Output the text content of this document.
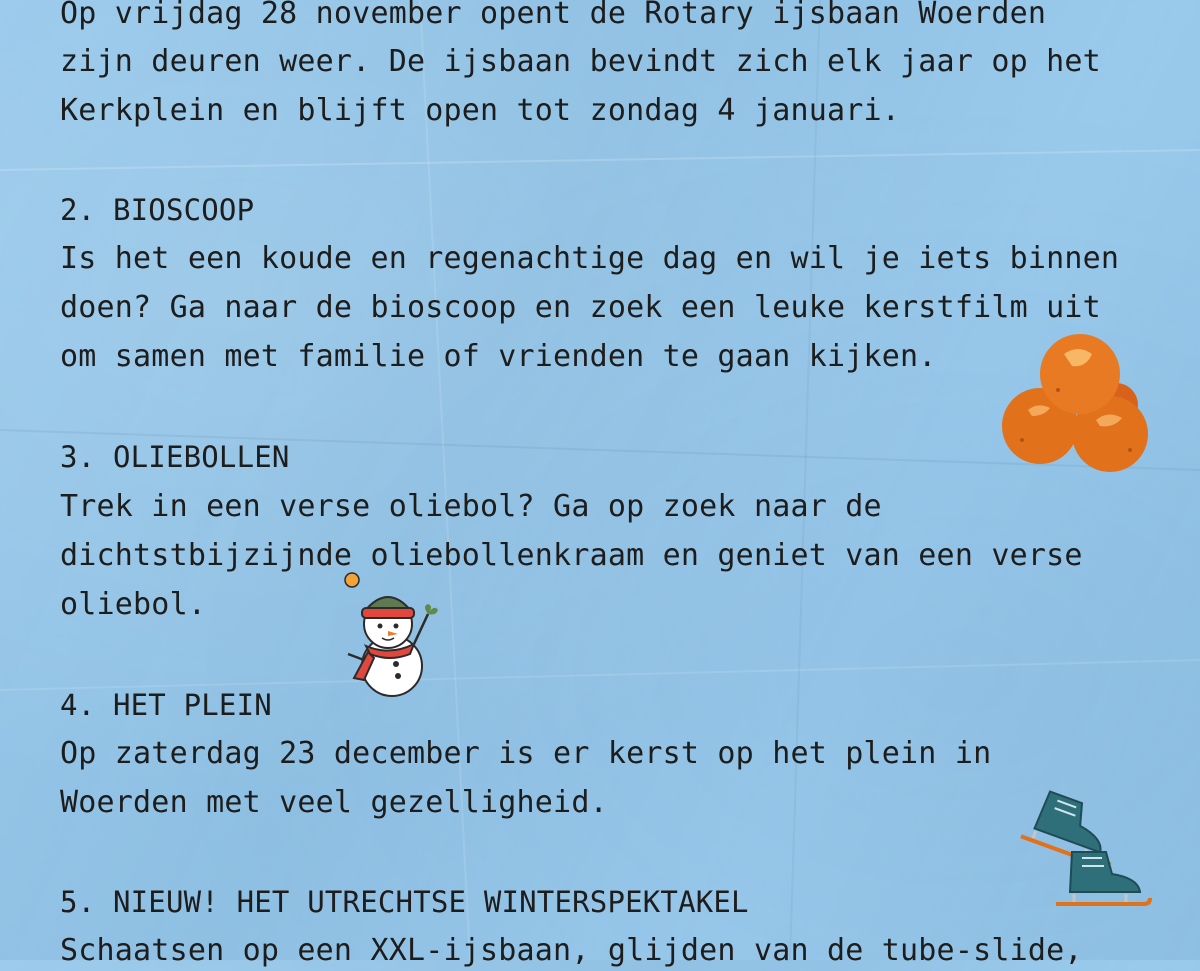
Op vrijdag 28 november opent de Rotary ijsbaan Woerden

zijn deuren weer. De ijsbaan bevindt zich elk jaar op het

Kerkplein en blijft open tot zondag 4 januari.

2. BIOSCOOP

Is het een koude en regenachtige dag en wil je iets binnen

doen? Ga naar de bioscoop en zoek een leuke kerstfilm uit

om samen met familie of vrienden te gaan kijken.

3. OLIEBOLLEN

Trek in een verse oliebol? Ga op zoek naar de

dichtstbijzijnde oliebollenkraam en geniet van een verse

oliebol.

4. HET PLEIN

Op zaterdag 23 december is er kerst op het plein in

Woerden met veel gezelligheid.

5. NIEUW! HET UTRECHTSE WINTERSPEKTAKEL

Schaatsen op een XXL-ijsbaan, glijden van de tube-slide,
